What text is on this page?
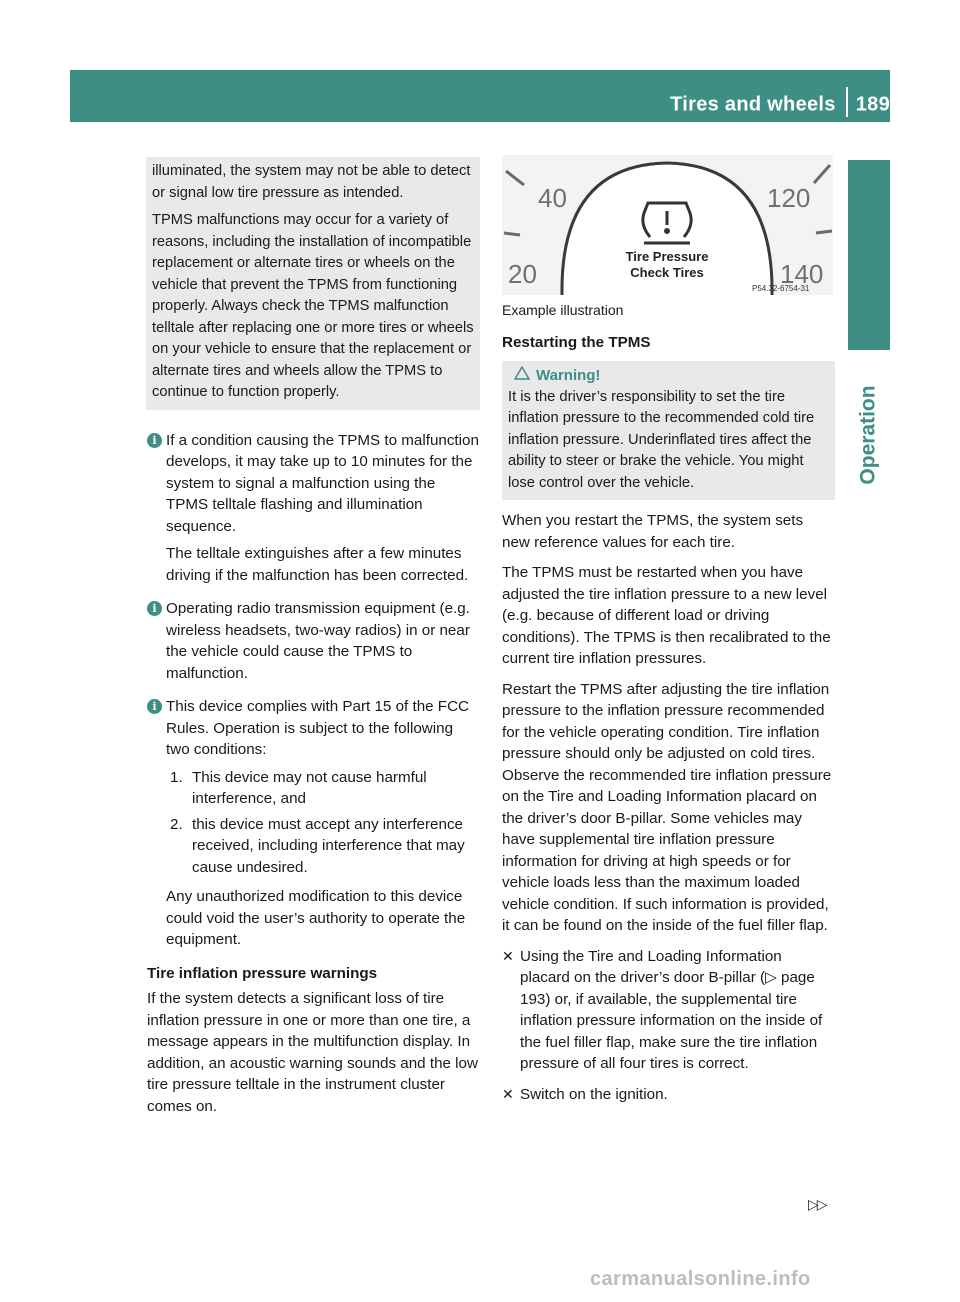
Tires and wheels 189
Operation

illuminated, the system may not be able to detect or signal low tire pressure as intended.

TPMS malfunctions may occur for a variety of reasons, including the installation of incompatible replacement or alternate tires or wheels on the vehicle that prevent the TPMS from functioning properly. Always check the TPMS malfunction telltale after replacing one or more tires or wheels on your vehicle to ensure that the replacement or alternate tires and wheels allow the TPMS to continue to function properly.

i If a condition causing the TPMS to malfunction develops, it may take up to 10 minutes for the system to signal a malfunction using the TPMS telltale flashing and illumination sequence.

The telltale extinguishes after a few minutes driving if the malfunction has been corrected.

i Operating radio transmission equipment (e.g. wireless headsets, two-way radios) in or near the vehicle could cause the TPMS to malfunction.

i This device complies with Part 15 of the FCC Rules. Operation is subject to the following two conditions:

1. This device may not cause harmful interference, and
2. this device must accept any interference received, including interference that may cause undesired.

Any unauthorized modification to this device could void the user’s authority to operate the equipment.

Tire inflation pressure warnings

If the system detects a significant loss of tire inflation pressure in one or more than one tire, a message appears in the multifunction display. In addition, an acoustic warning sounds and the low tire pressure telltale in the instrument cluster comes on.

40	120
20	140
Tire Pressure
Check Tires
P54.32-6754-31

Example illustration

Restarting the TPMS
Warning!

It is the driver’s responsibility to set the tire inflation pressure to the recommended cold tire inflation pressure. Underinflated tires affect the ability to steer or brake the vehicle. You might lose control over the vehicle.

When you restart the TPMS, the system sets new reference values for each tire.

The TPMS must be restarted when you have adjusted the tire inflation pressure to a new level (e.g. because of different load or driving conditions). The TPMS is then recalibrated to the current tire inflation pressures.

Restart the TPMS after adjusting the tire inflation pressure to the inflation pressure recommended for the vehicle operating condition. Tire inflation pressure should only be adjusted on cold tires. Observe the recommended tire inflation pressure on the Tire and Loading Information placard on the driver’s door B-pillar. Some vehicles may have supplemental tire inflation pressure information for driving at high speeds or for vehicle loads less than the maximum loaded vehicle condition. If such information is provided, it can be found on the inside of the fuel filler flap.

✕ Using the Tire and Loading Information placard on the driver’s door B-pillar (▷ page 193) or, if available, the supplemental tire inflation pressure information on the inside of the fuel filler flap, make sure the tire inflation pressure of all four tires is correct.
✕ Switch on the ignition.
▷▷
carmanualsonline.info
